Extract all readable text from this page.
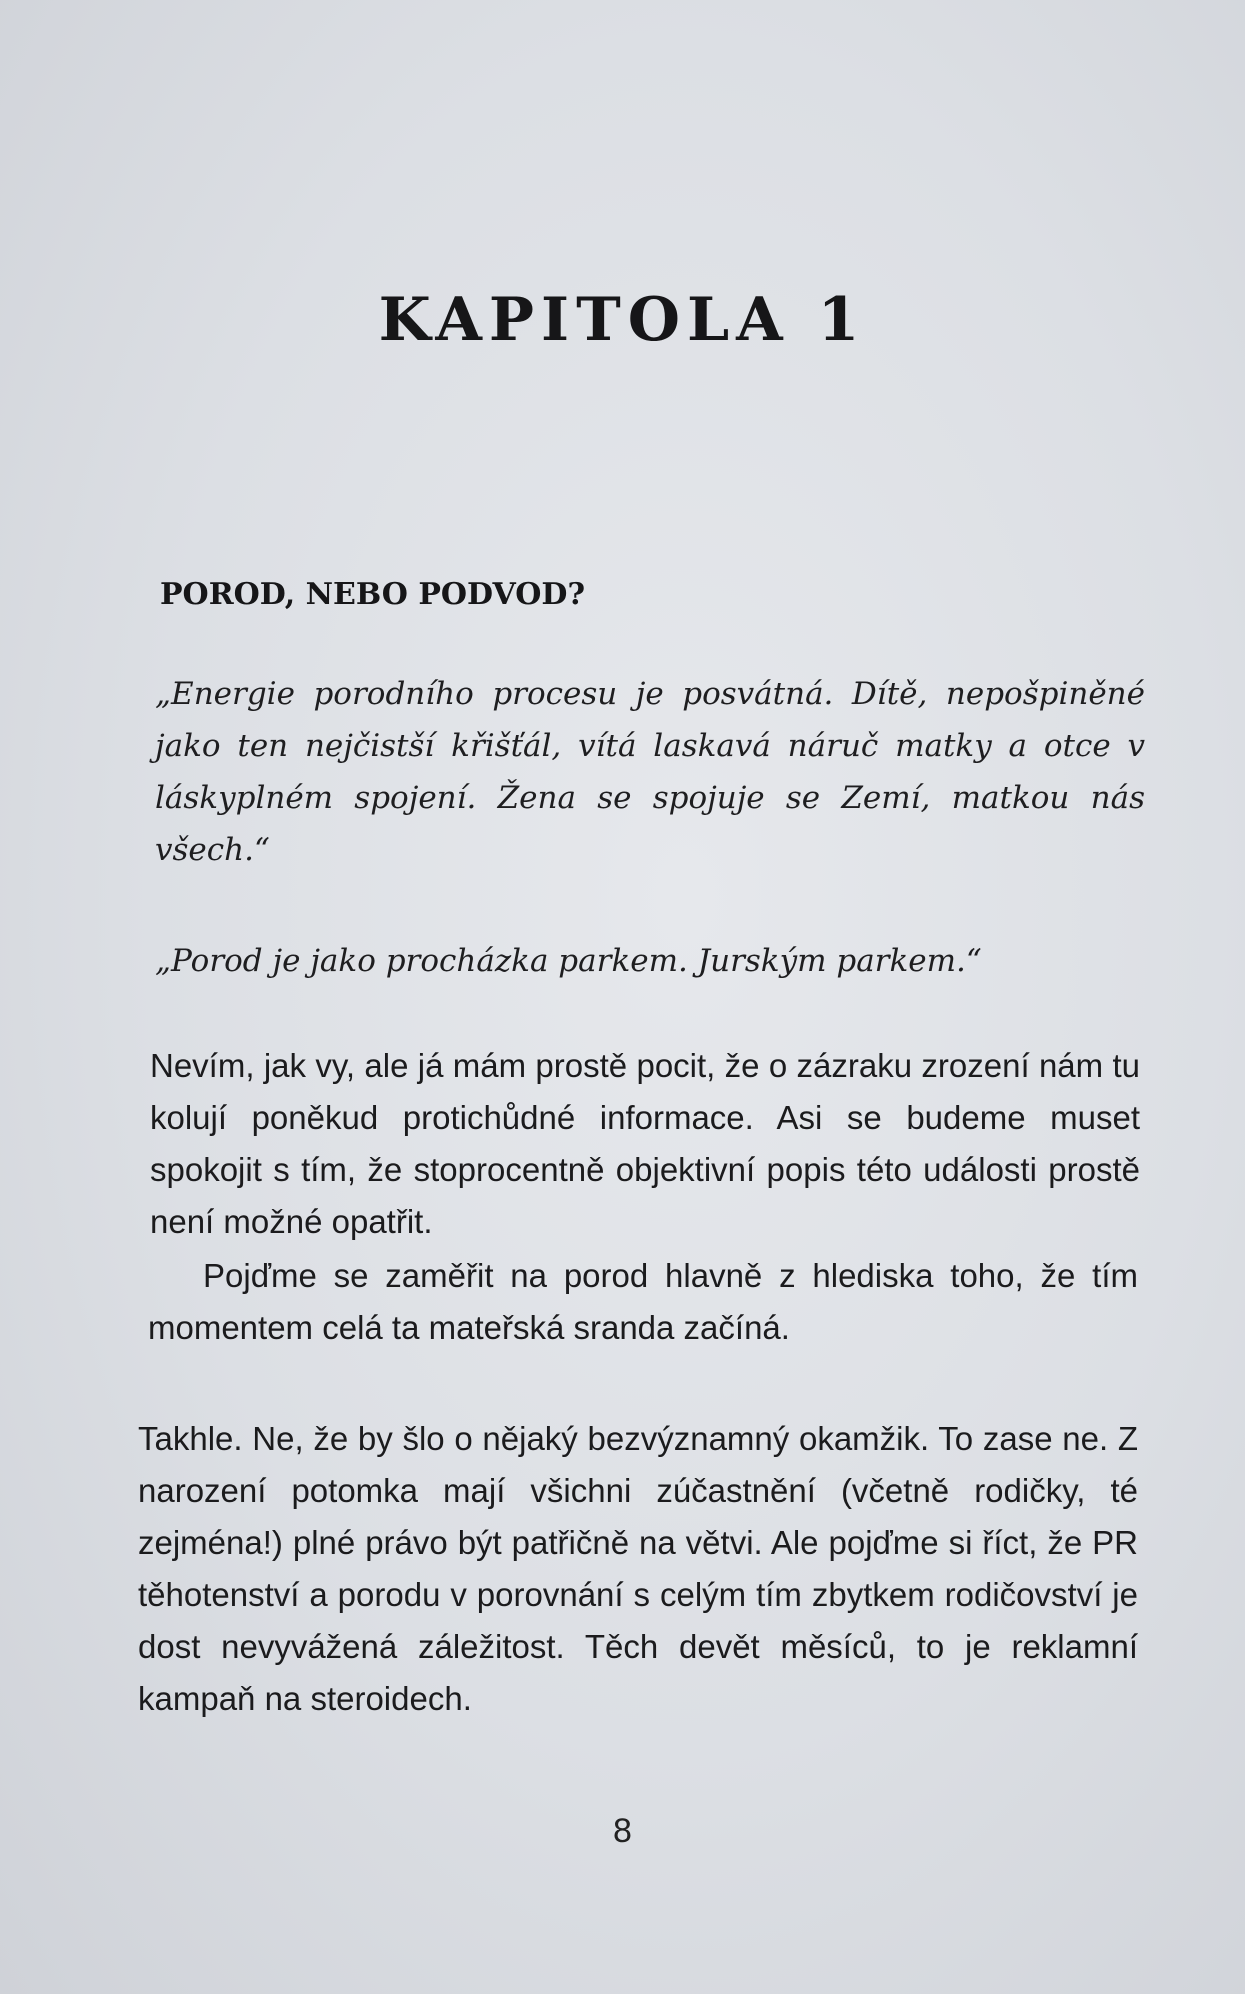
KAPITOLA 1
POROD, NEBO PODVOD?

„Energie porodního procesu je posvátná. Dítě, nepošpiněné jako ten nejčistší křišťál, vítá laskavá náruč matky a otce v láskyplném spojení. Žena se spojuje se Zemí, matkou nás všech.“

„Porod je jako procházka parkem. Jurským parkem.“

Nevím, jak vy, ale já mám prostě pocit, že o zázraku zrození nám tu kolují poněkud protichůdné informace. Asi se budeme muset spokojit s tím, že stoprocentně objektivní popis této události prostě není možné opatřit.

Pojďme se zaměřit na porod hlavně z hlediska toho, že tím momentem celá ta mateřská sranda začíná.

Takhle. Ne, že by šlo o nějaký bezvýznamný okamžik. To zase ne. Z narození potomka mají všichni zúčastnění (včetně rodičky, té zejména!) plné právo být patřičně na větvi. Ale pojďme si říct, že PR těhotenství a porodu v porovnání s celým tím zbytkem rodičovství je dost nevyvážená záležitost. Těch devět měsíců, to je reklamní kampaň na steroidech.

8
